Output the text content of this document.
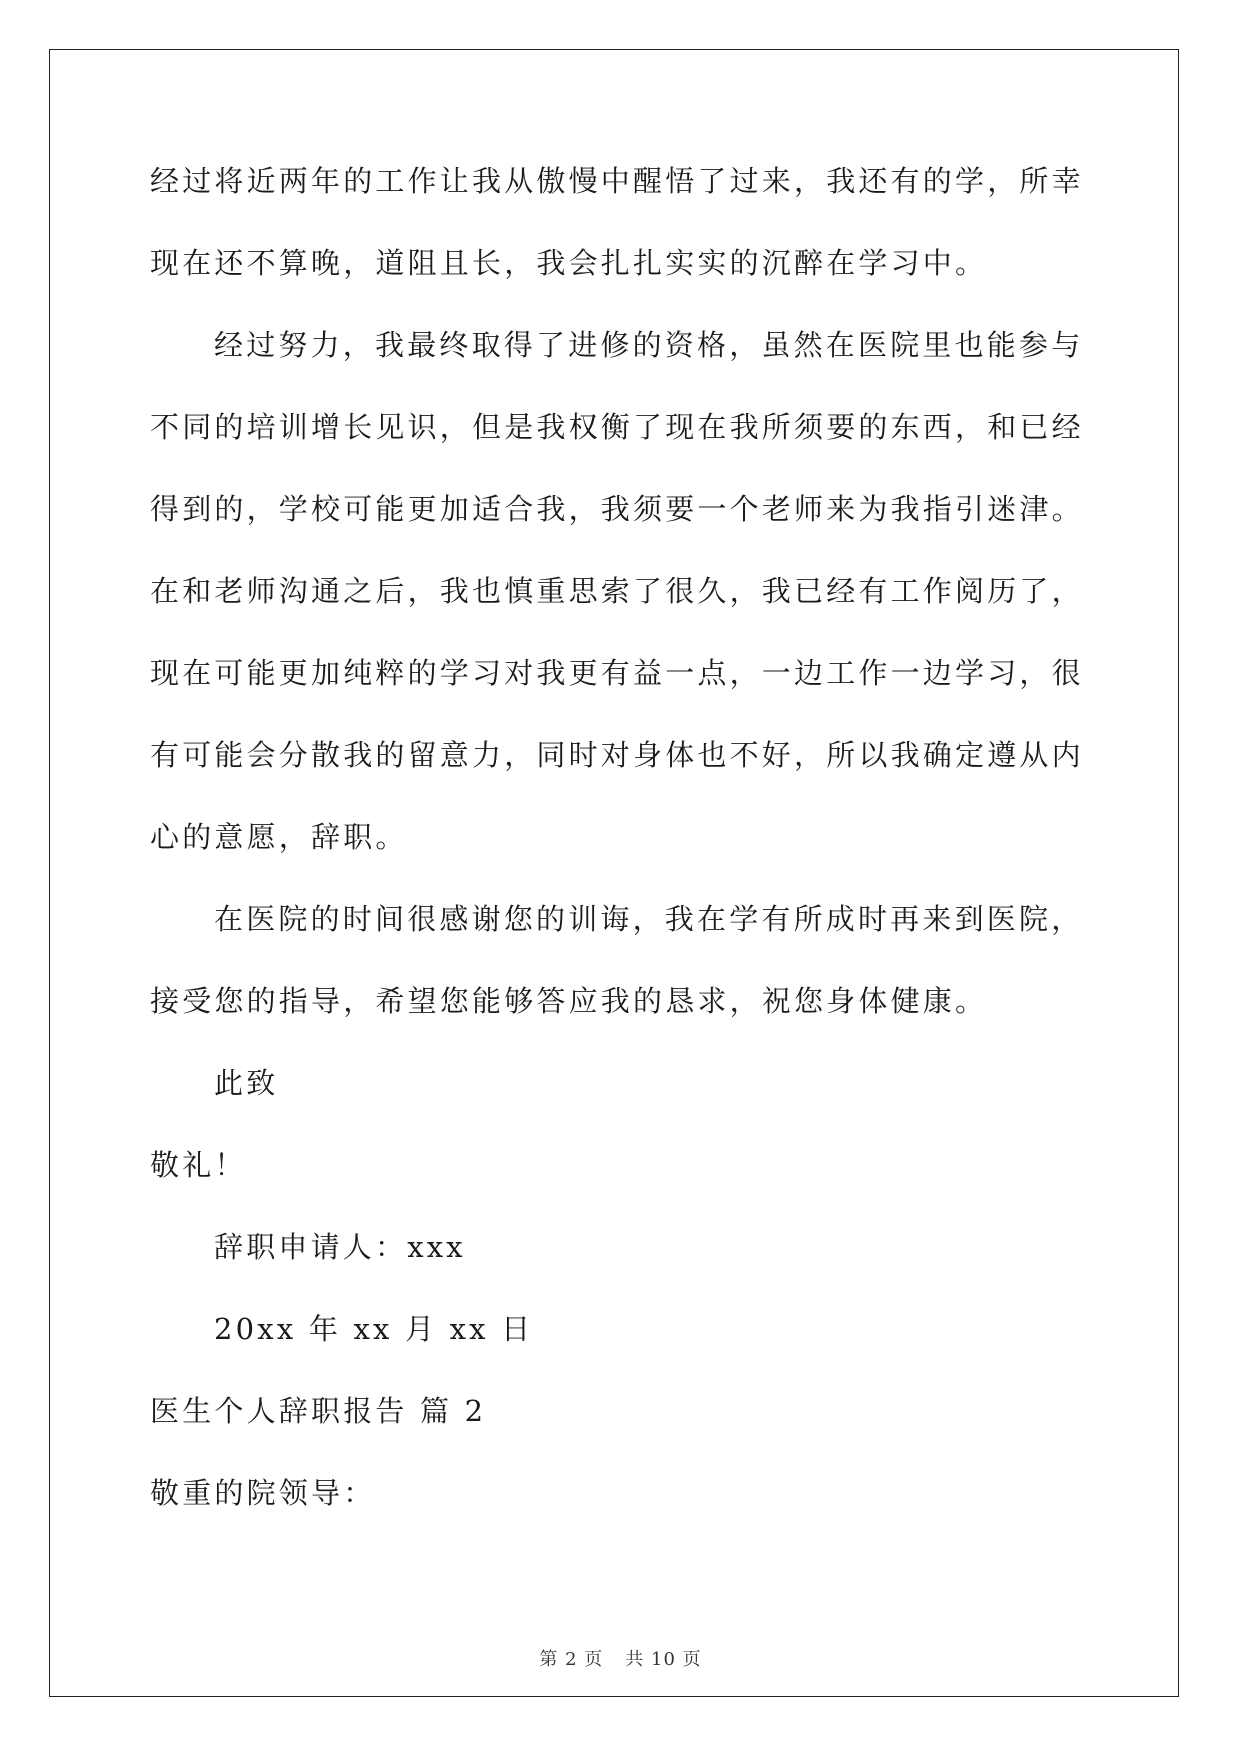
经过将近两年的工作让我从傲慢中醒悟了过来，我还有的学，所幸现在还不算晚，道阻且长，我会扎扎实实的沉醉在学习中。

经过努力，我最终取得了进修的资格，虽然在医院里也能参与不同的培训增长见识，但是我权衡了现在我所须要的东西，和已经得到的，学校可能更加适合我，我须要一个老师来为我指引迷津。在和老师沟通之后，我也慎重思索了很久，我已经有工作阅历了，现在可能更加纯粹的学习对我更有益一点，一边工作一边学习，很有可能会分散我的留意力，同时对身体也不好，所以我确定遵从内心的意愿，辞职。

在医院的时间很感谢您的训诲，我在学有所成时再来到医院，接受您的指导，希望您能够答应我的恳求，祝您身体健康。

此致

敬礼！

辞职申请人：xxx

20xx 年 xx 月 xx 日

医生个人辞职报告 篇 2

敬重的院领导：

第 2 页 共 10 页
